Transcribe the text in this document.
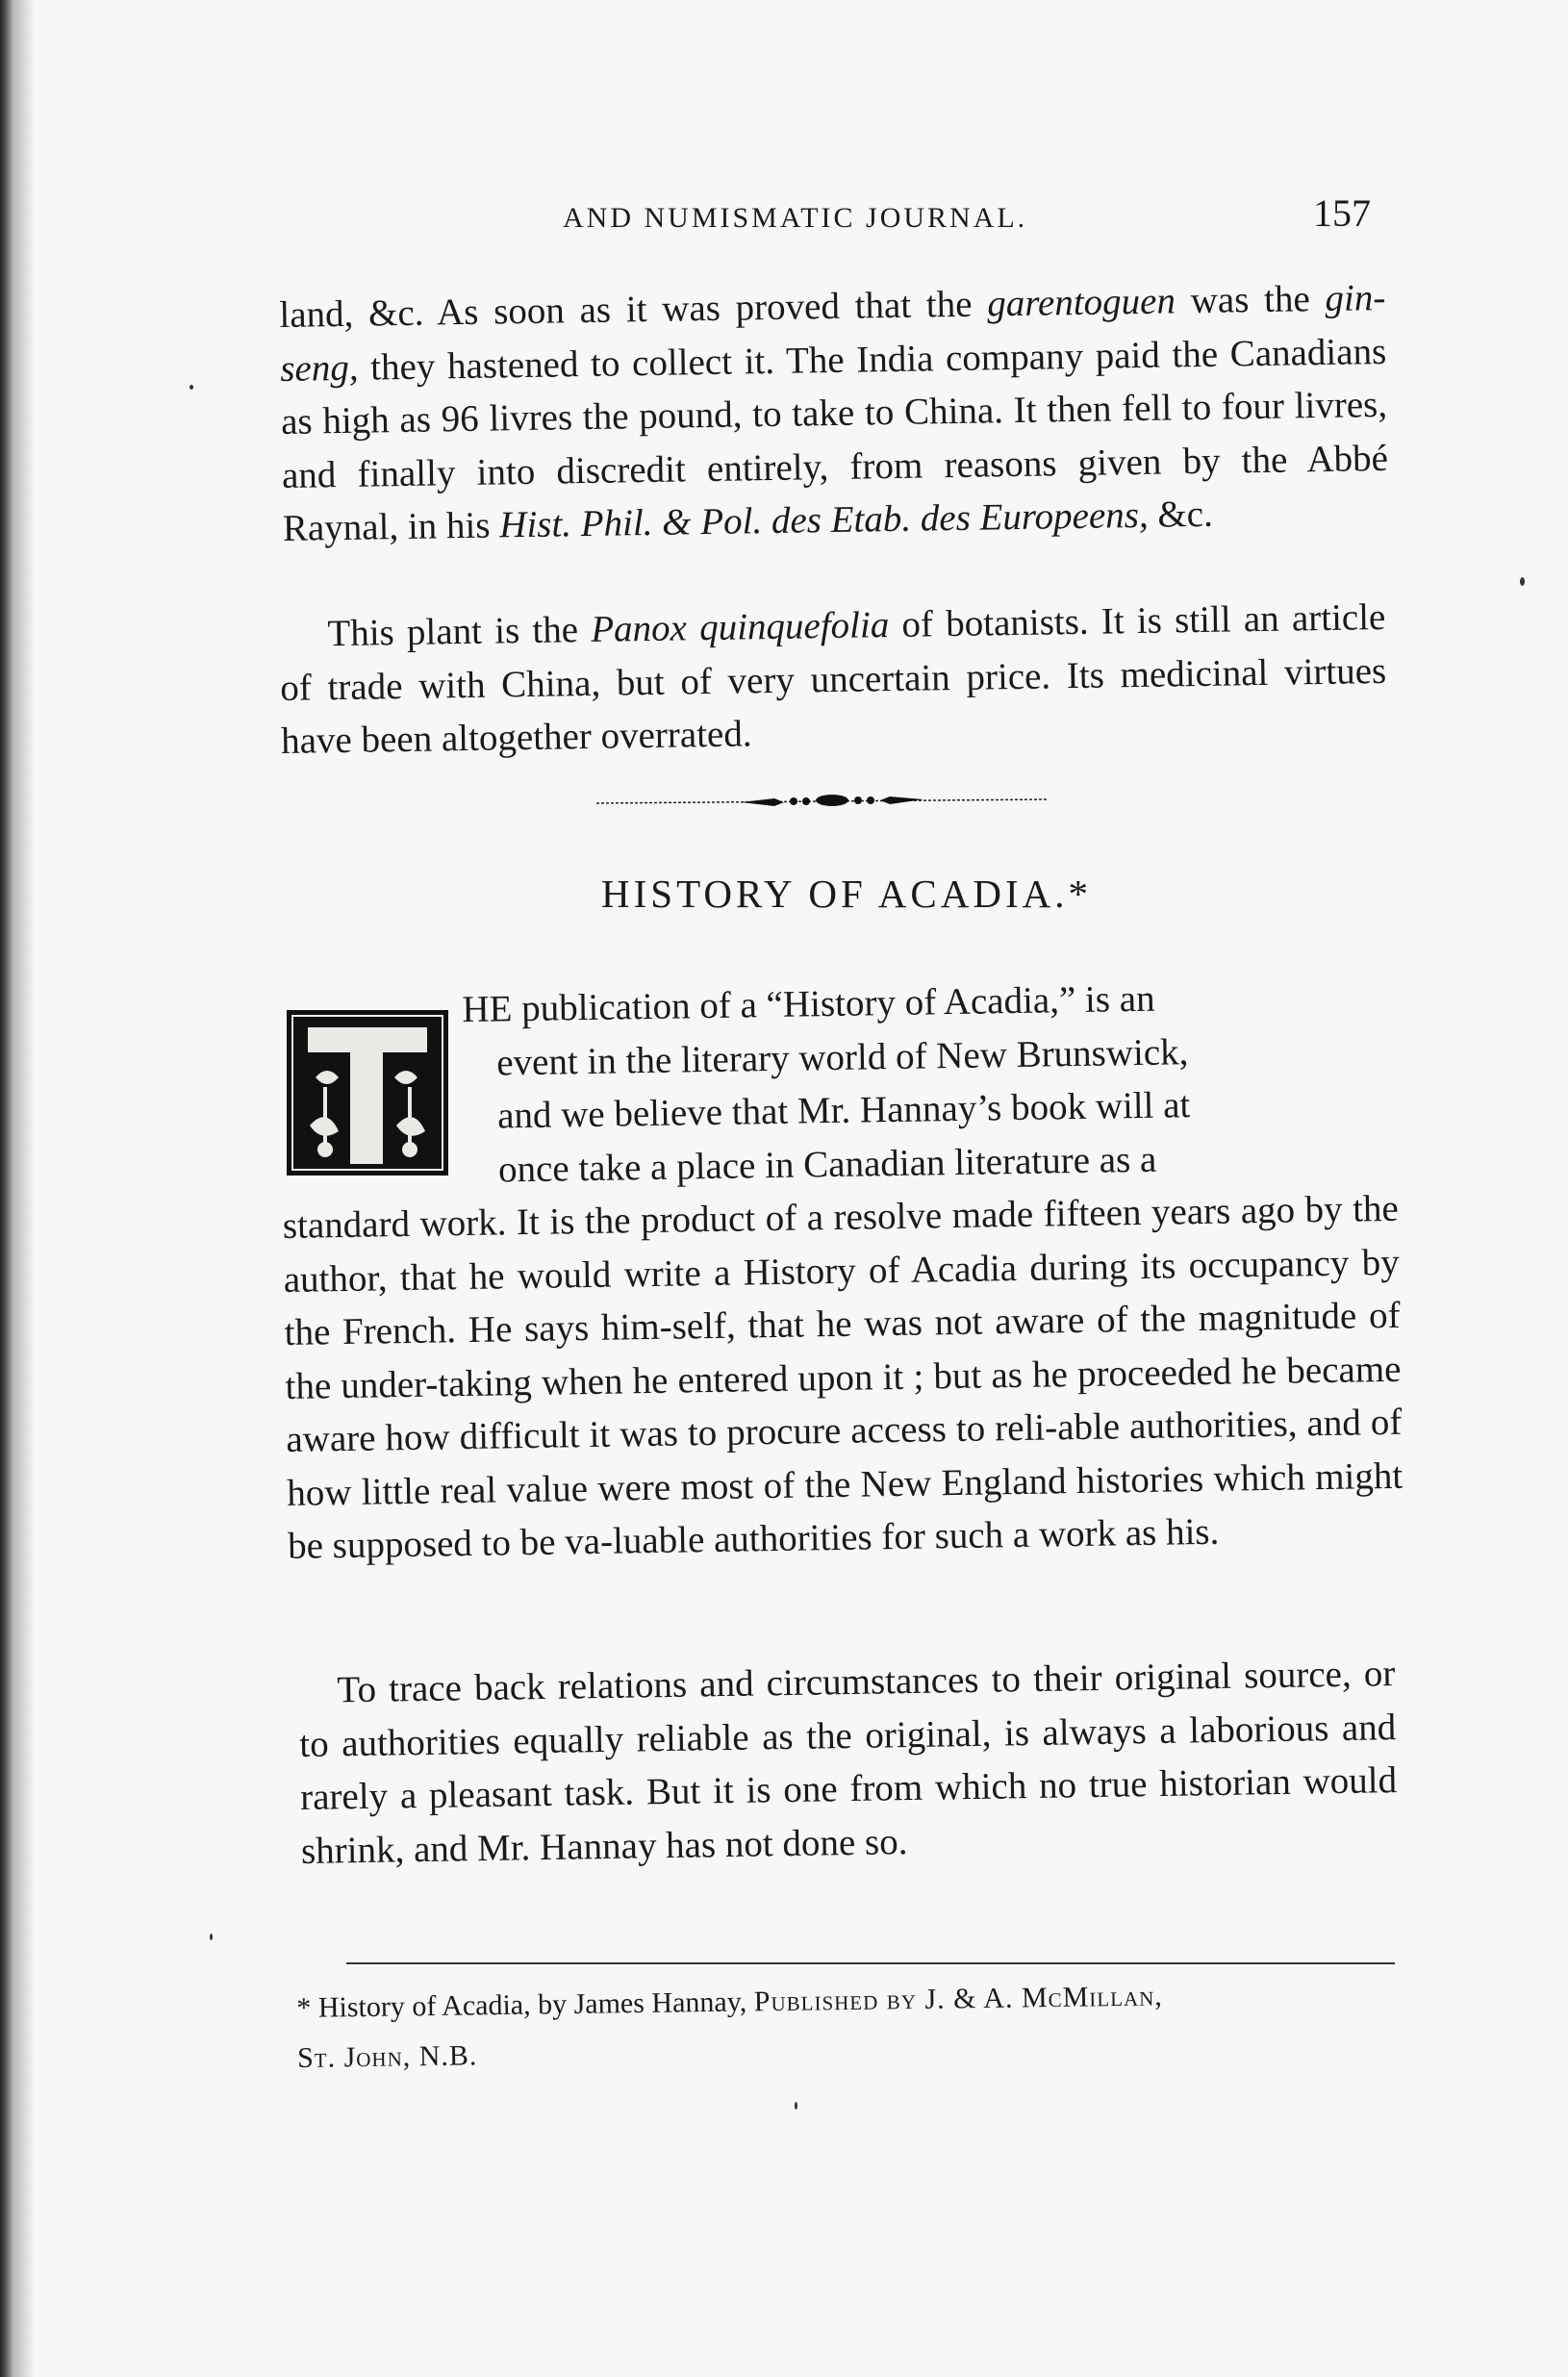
AND NUMISMATIC JOURNAL.	157

land, &c. As soon as it was proved that the garentoguen was the gin-seng, they hastened to collect it. The India company paid the Canadians as high as 96 livres the pound, to take to China. It then fell to four livres, and finally into discredit entirely, from reasons given by the Abbé Raynal, in his Hist. Phil. & Pol. des Etab. des Europeens, &c.

This plant is the Panox quinquefolia of botanists. It is still an article of trade with China, but of very uncertain price. Its medicinal virtues have been altogether overrated.

HISTORY OF ACADIA.*

HE publication of a “History of Acadia,” is an
event in the literary world of New Brunswick,
and we believe that Mr. Hannay’s book will at
once take a place in Canadian literature as a
standard work. It is the product of a resolve made fifteen years ago by the author, that he would write a History of Acadia during its occupancy by the French. He says him-self, that he was not aware of the magnitude of the under-taking when he entered upon it ; but as he proceeded he became aware how difficult it was to procure access to reli-able authorities, and of how little real value were most of the New England histories which might be supposed to be va-luable authorities for such a work as his.

To trace back relations and circumstances to their original source, or to authorities equally reliable as the original, is always a laborious and rarely a pleasant task. But it is one from which no true historian would shrink, and Mr. Hannay has not done so.

* History of Acadia, by James Hannay, Published by J. & A. McMillan,
St. John, N.B.
